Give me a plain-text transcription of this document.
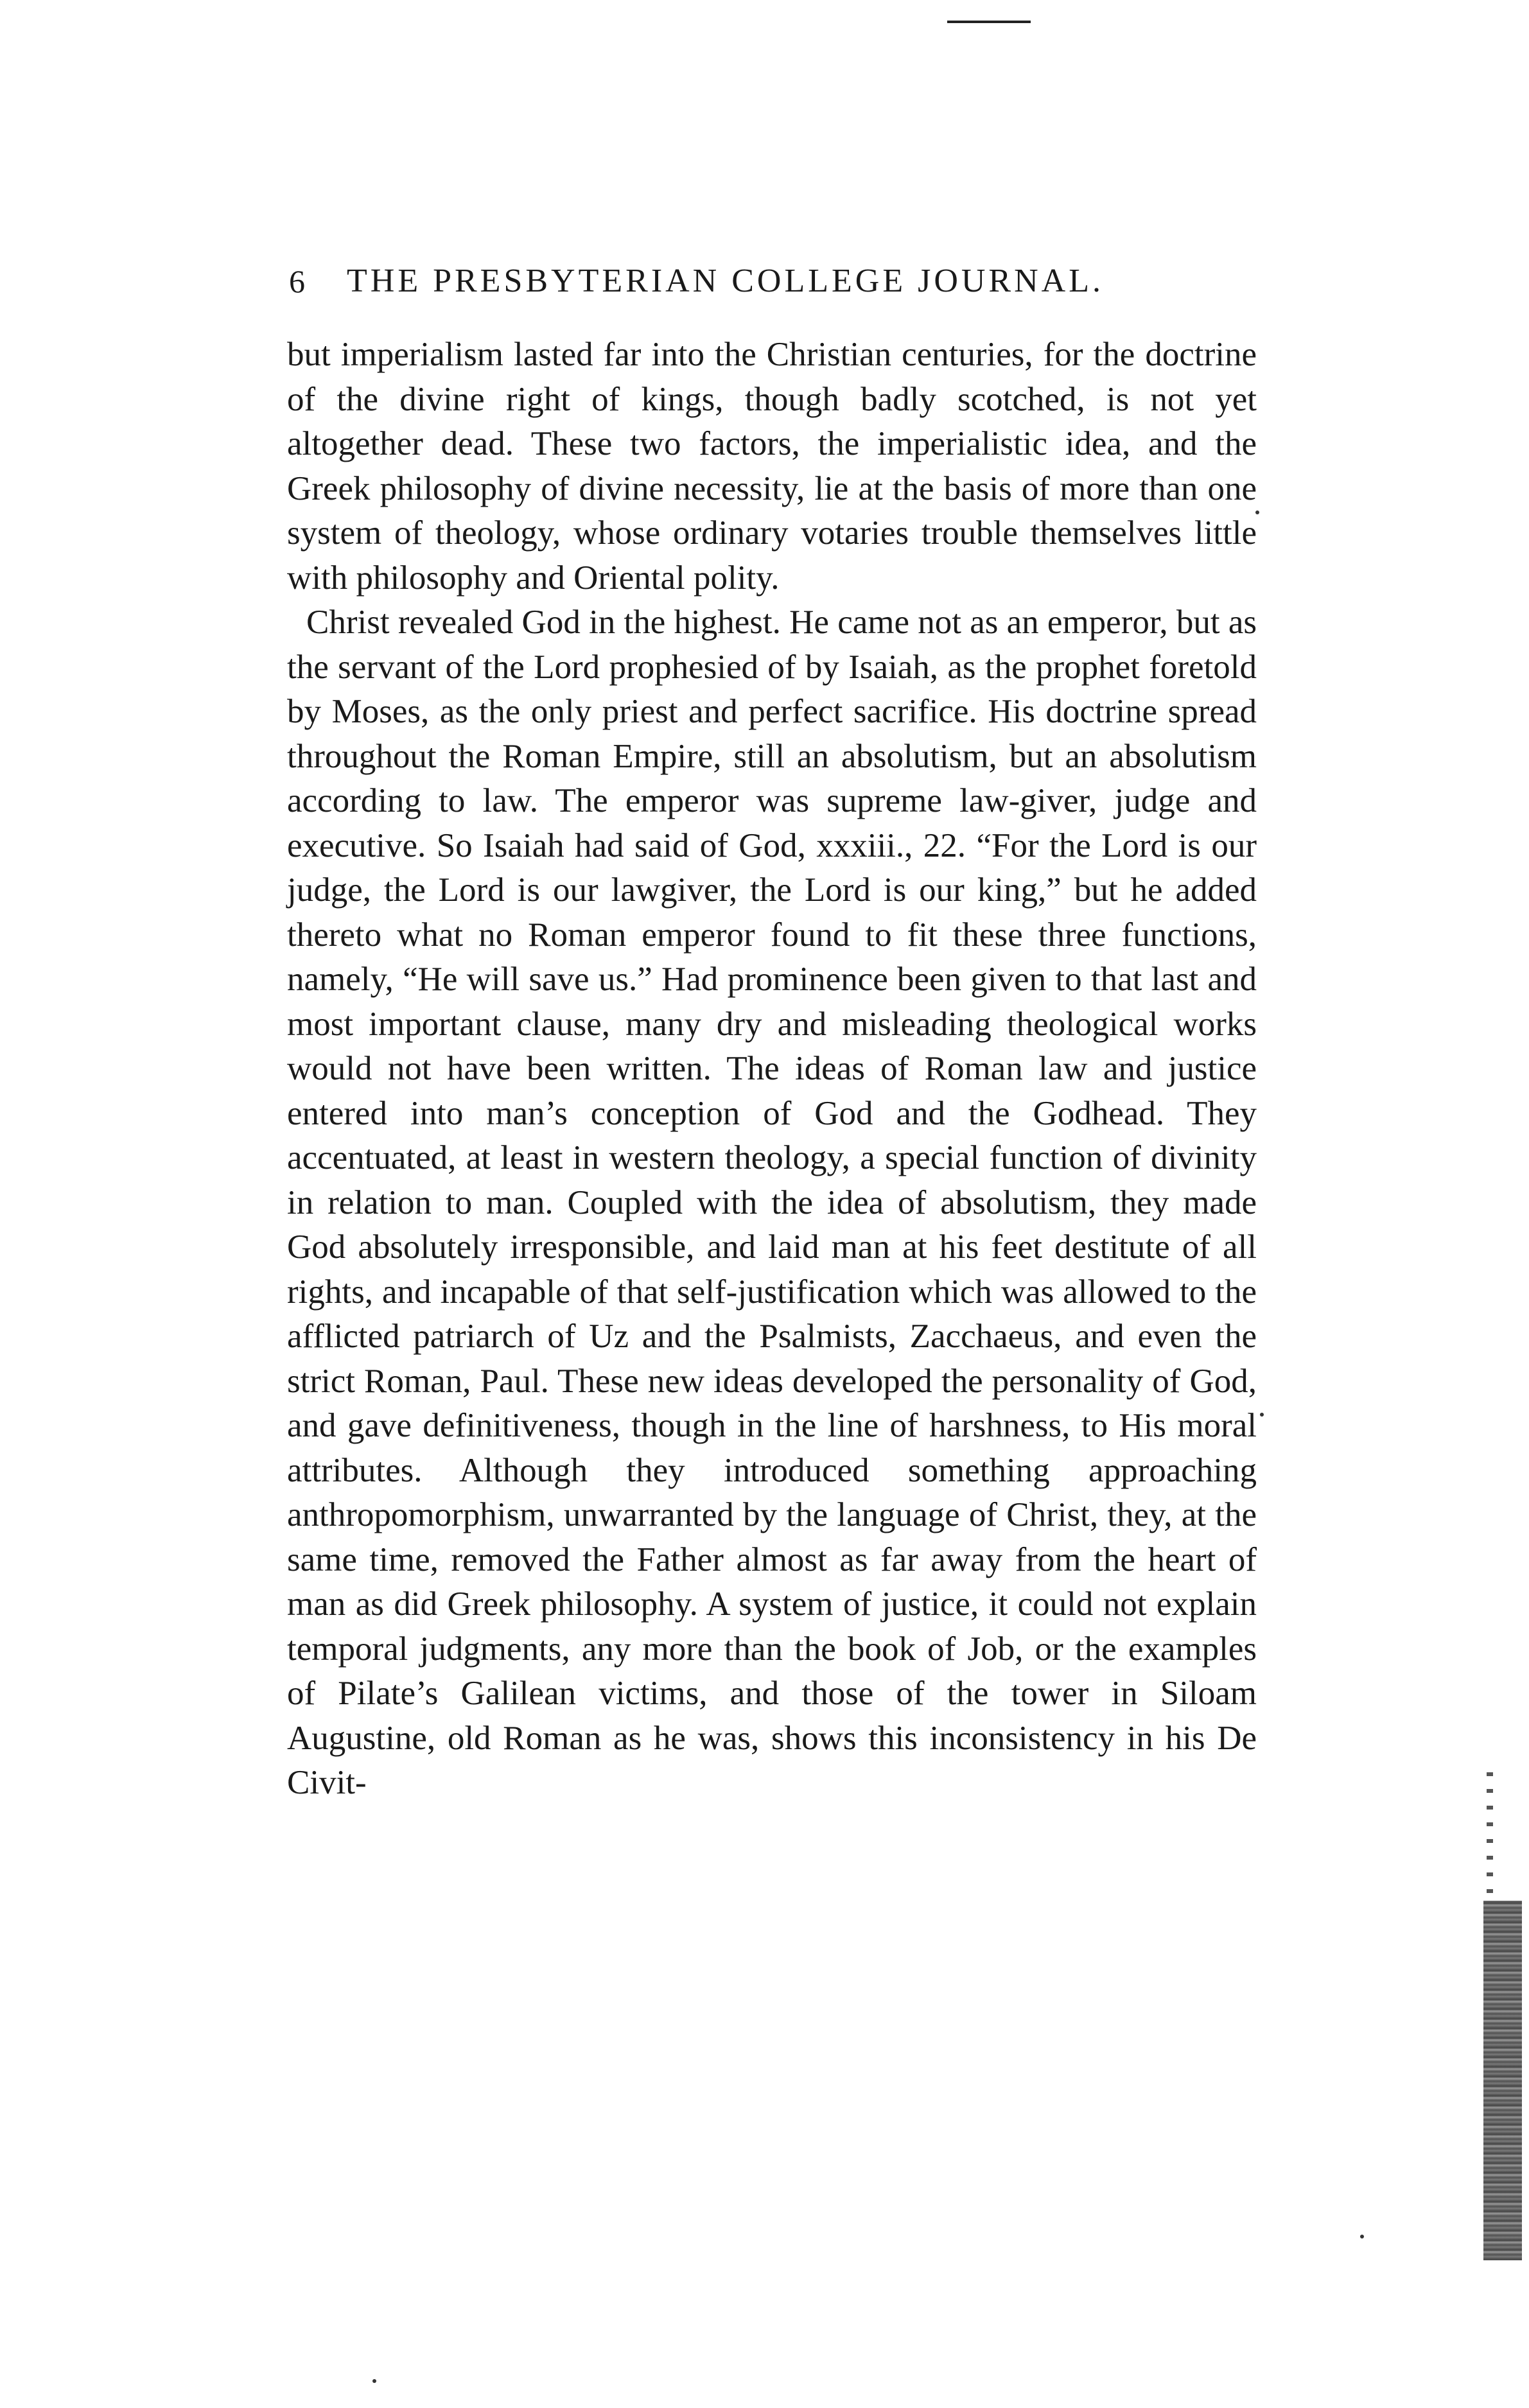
6 THE PRESBYTERIAN COLLEGE JOURNAL.

but imperialism lasted far into the Christian centuries, for the doctrine of the divine right of kings, though badly scotched, is not yet altogether dead. These two factors, the imperialistic idea, and the Greek philosophy of divine necessity, lie at the basis of more than one system of theology, whose ordinary votaries trouble themselves little with philosophy and Oriental polity.

Christ revealed God in the highest. He came not as an emperor, but as the servant of the Lord prophesied of by Isaiah, as the prophet foretold by Moses, as the only priest and perfect sacrifice. His doctrine spread throughout the Roman Empire, still an absolutism, but an absolutism according to law. The emperor was supreme law-giver, judge and executive. So Isaiah had said of God, xxxiii., 22. “For the Lord is our judge, the Lord is our lawgiver, the Lord is our king,” but he added thereto what no Roman emperor found to fit these three functions, namely, “He will save us.” Had prominence been given to that last and most important clause, many dry and misleading theological works would not have been written. The ideas of Roman law and justice entered into man’s conception of God and the Godhead. They accentuated, at least in western theology, a special function of divinity in relation to man. Coupled with the idea of absolutism, they made God absolutely irresponsible, and laid man at his feet destitute of all rights, and incapable of that self-justification which was allowed to the afflicted patriarch of Uz and the Psalmists, Zacchaeus, and even the strict Roman, Paul. These new ideas developed the personality of God, and gave definitiveness, though in the line of harshness, to His moral attributes. Although they introduced something approaching anthropomorphism, unwarranted by the language of Christ, they, at the same time, removed the Father almost as far away from the heart of man as did Greek philosophy. A system of justice, it could not explain temporal judgments, any more than the book of Job, or the examples of Pilate’s Galilean victims, and those of the tower in Siloam Augustine, old Roman as he was, shows this inconsistency in his De Civit-
